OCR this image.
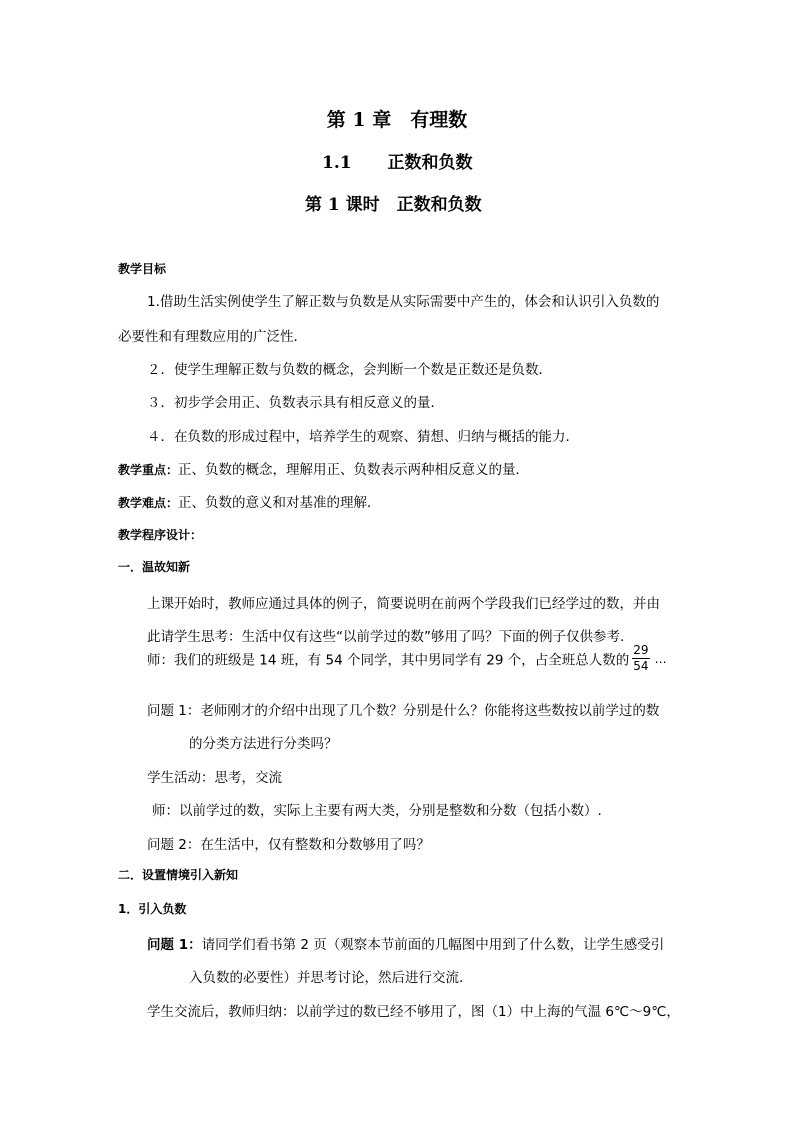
第 1 章　有理数
1.1 正数和负数
第 1 课时　正数和负数
教学目标
1.借助生活实例使学生了解正数与负数是从实际需要中产生的，体会和认识引入负数的
必要性和有理数应用的广泛性．
２．使学生理解正数与负数的概念，会判断一个数是正数还是负数．
３．初步学会用正、负数表示具有相反意义的量．
４．在负数的形成过程中，培养学生的观察、猜想、归纳与概括的能力．
教学重点：正、负数的概念，理解用正、负数表示两种相反意义的量．
教学难点：正、负数的意义和对基准的理解．
教学程序设计：
一．温故知新
上课开始时，教师应通过具体的例子，简要说明在前两个学段我们已经学过的数，并由
此请学生思考：生活中仅有这些“以前学过的数”够用了吗？下面的例子仅供参考.
师：我们的班级是 14 班，有 54 个同学，其中男同学有 29 个，占全班总人数的 $\frac{29}{54}$ …
问题 1：老师刚才的介绍中出现了几个数？分别是什么？你能将这些数按以前学过的数
的分类方法进行分类吗？
学生活动：思考，交流
师：以前学过的数，实际上主要有两大类，分别是整数和分数（包括小数）.
问题 2：在生活中，仅有整数和分数够用了吗？
二．设置情境引入新知
1．引入负数
问题 1：请同学们看书第 2 页（观察本节前面的几幅图中用到了什么数，让学生感受引
入负数的必要性）并思考讨论，然后进行交流.
学生交流后，教师归纳：以前学过的数已经不够用了，图（1）中上海的气温 6℃～9℃，
